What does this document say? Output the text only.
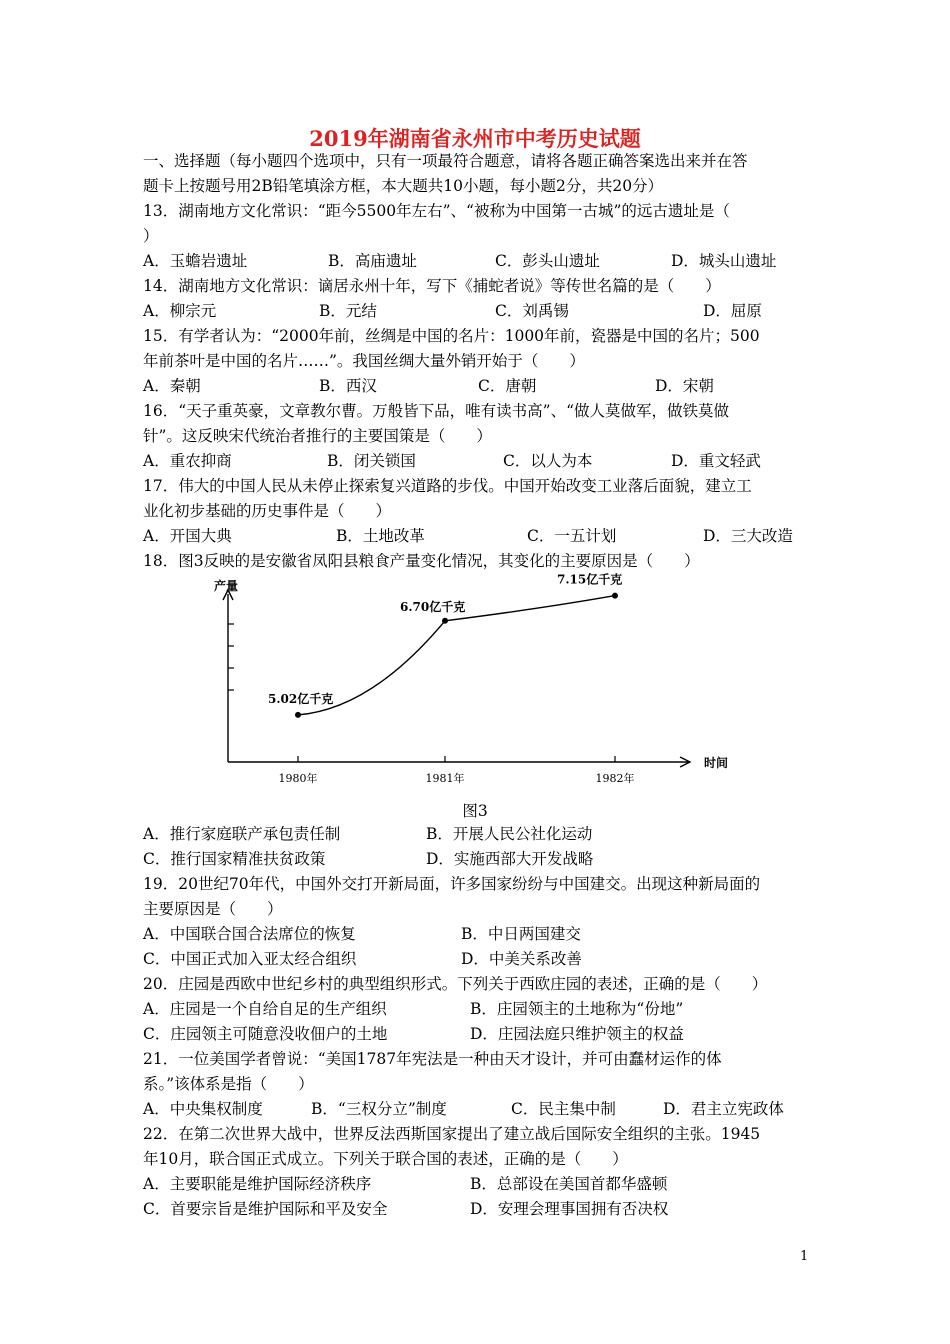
2019年湖南省永州市中考历史试题
一、选择题（每小题四个选项中，只有一项最符合题意，请将各题正确答案选出来并在答
题卡上按题号用2B铅笔填涂方框，本大题共10小题，每小题2分，共20分）
13．湖南地方文化常识：“距今5500年左右”、“被称为中国第一古城”的远古遗址是（
）
A．玉蟾岩遗址	B．高庙遗址	C．彭头山遗址	D．城头山遗址
14．湖南地方文化常识：谪居永州十年，写下《捕蛇者说》等传世名篇的是（　　）
A．柳宗元	B．元结	C．刘禹锡	D．屈原
15．有学者认为：“2000年前，丝绸是中国的名片：1000年前，瓷器是中国的名片；500
年前茶叶是中国的名片……”。我国丝绸大量外销开始于（　　）
A．秦朝	B．西汉	C．唐朝	D．宋朝
16．“天子重英豪，文章教尔曹。万般皆下品，唯有读书高”、“做人莫做军，做铁莫做
针”。这反映宋代统治者推行的主要国策是（　　）
A．重农抑商	B．闭关锁国	C．以人为本	D．重文轻武
17．伟大的中国人民从未停止探索复兴道路的步伐。中国开始改变工业落后面貌，建立工
业化初步基础的历史事件是（　　）
A．开国大典	B．土地改革	C．一五计划	D．三大改造
18．图3反映的是安徽省凤阳县粮食产量变化情况，其变化的主要原因是（　　）
产量
时间
1980年	1981年	1982年
5.02亿千克
6.70亿千克
7.15亿千克
图3
A．推行家庭联产承包责任制	B．开展人民公社化运动
C．推行国家精准扶贫政策	D．实施西部大开发战略
19．20世纪70年代，中国外交打开新局面，许多国家纷纷与中国建交。出现这种新局面的
主要原因是（　　）
A．中国联合国合法席位的恢复	B．中日两国建交
C．中国正式加入亚太经合组织	D．中美关系改善
20．庄园是西欧中世纪乡村的典型组织形式。下列关于西欧庄园的表述，正确的是（　　）
A．庄园是一个自给自足的生产组织	B．庄园领主的土地称为“份地”
C．庄园领主可随意没收佃户的土地	D．庄园法庭只维护领主的权益
21．一位美国学者曾说：“美国1787年宪法是一种由天才设计，并可由蠢材运作的体
系。”该体系是指（　　）
A．中央集权制度	B．“三权分立”制度	C．民主集中制	D．君主立宪政体
22．在第二次世界大战中，世界反法西斯国家提出了建立战后国际安全组织的主张。1945
年10月，联合国正式成立。下列关于联合国的表述，正确的是（　　）
A．主要职能是维护国际经济秩序	B．总部设在美国首都华盛顿
C．首要宗旨是维护国际和平及安全	D．安理会理事国拥有否决权
1
